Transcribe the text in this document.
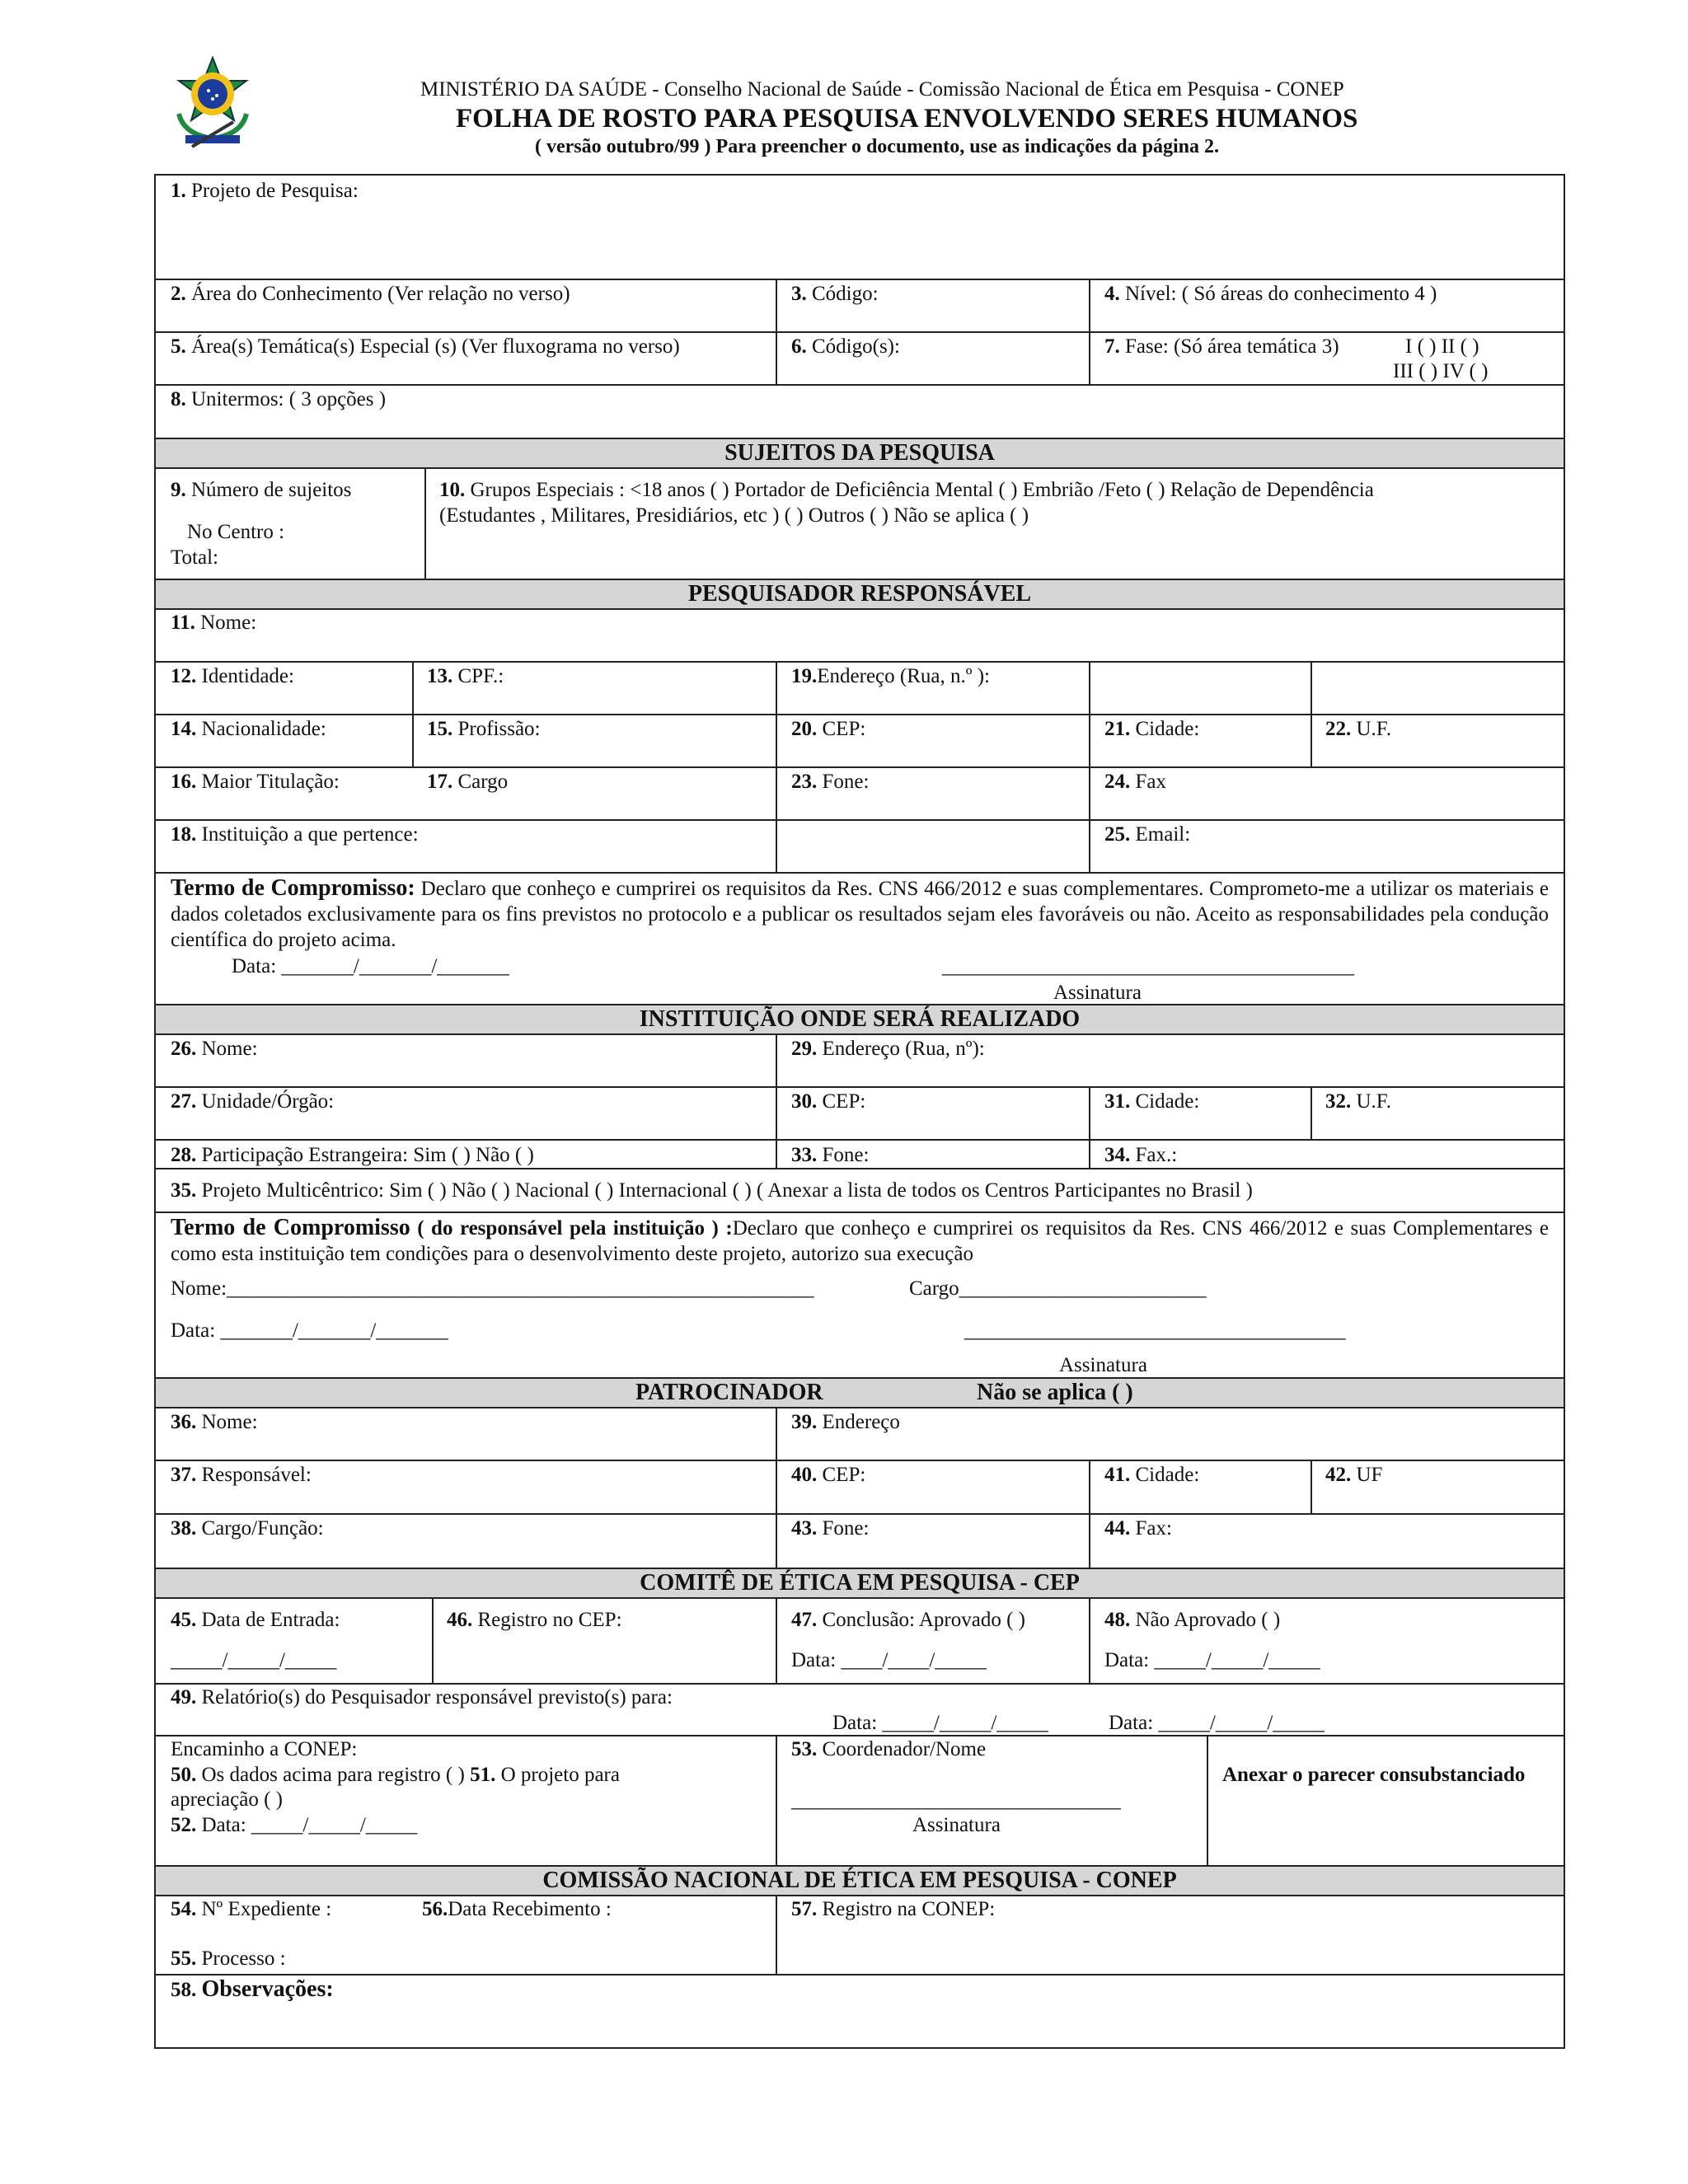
MINISTÉRIO DA SAÚDE - Conselho Nacional de Saúde - Comissão Nacional de Ética em Pesquisa - CONEP
FOLHA DE ROSTO PARA PESQUISA ENVOLVENDO SERES HUMANOS
( versão outubro/99 ) Para preencher o documento, use as indicações da página 2.
SUJEITOS DA PESQUISA
PESQUISADOR RESPONSÁVEL
INSTITUIÇÃO ONDE SERÁ REALIZADO
PATROCINADOR	Não se aplica ( )
COMITÊ DE ÉTICA EM PESQUISA - CEP
COMISSÃO NACIONAL DE ÉTICA EM PESQUISA - CONEP
1. Projeto de Pesquisa:
2. Área do Conhecimento (Ver relação no verso)	3. Código:	4. Nível: ( Só áreas do conhecimento 4 )
5. Área(s) Temática(s) Especial (s) (Ver fluxograma no verso)	6. Código(s):	7. Fase: (Só área temática 3)	I ( ) II ( )
III ( ) IV ( )
8. Unitermos: ( 3 opções )
9. Número de sujeitos
No Centro :
Total:
10. Grupos Especiais : <18 anos ( ) Portador de Deficiência Mental ( ) Embrião /Feto ( ) Relação de Dependência
(Estudantes , Militares, Presidiários, etc ) ( ) Outros ( ) Não se aplica ( )
11. Nome:
12. Identidade:	13. CPF.:	19.Endereço (Rua, n.º ):
14. Nacionalidade:	15. Profissão:	20. CEP:	21. Cidade:	22. U.F.
16. Maior Titulação:	17. Cargo	23. Fone:	24. Fax
18. Instituição a que pertence:	25. Email:
Termo de Compromisso: Declaro que conheço e cumprirei os requisitos da Res. CNS 466/2012 e suas complementares. Comprometo-me a utilizar os materiais e dados coletados exclusivamente para os fins previstos no protocolo e a publicar os resultados sejam eles favoráveis ou não. Aceito as responsabilidades pela condução científica do projeto acima.
Data: _______/_______/_______	________________________________________
Assinatura
26. Nome:	29. Endereço (Rua, nº):
27. Unidade/Órgão:	30. CEP:	31. Cidade:	32. U.F.
28. Participação Estrangeira: Sim ( ) Não ( )	33. Fone:	34. Fax.:
35. Projeto Multicêntrico: Sim ( ) Não ( ) Nacional ( ) Internacional ( ) ( Anexar a lista de todos os Centros Participantes no Brasil )
Termo de Compromisso ( do responsável pela instituição ) :Declaro que conheço e cumprirei os requisitos da Res. CNS 466/2012 e suas Complementares e como esta instituição tem condições para o desenvolvimento deste projeto, autorizo sua execução
Nome:_________________________________________________________	Cargo________________________
Data: _______/_______/_______	_____________________________________
Assinatura
36. Nome:	39. Endereço
37. Responsável:	40. CEP:	41. Cidade:	42. UF
38. Cargo/Função:	43. Fone:	44. Fax:
45. Data de Entrada:
_____/_____/_____
46. Registro no CEP:	47. Conclusão: Aprovado ( )
Data: ____/____/_____
48. Não Aprovado ( )
Data: _____/_____/_____
49. Relatório(s) do Pesquisador responsável previsto(s) para:
Data: _____/_____/_____	Data: _____/_____/_____
Encaminho a CONEP:
50. Os dados acima para registro ( ) 51. O projeto para
apreciação ( )
52. Data: _____/_____/_____
53. Coordenador/Nome
________________________________
Assinatura
Anexar o parecer consubstanciado
54. Nº Expediente :	56.Data Recebimento :	57. Registro na CONEP:
55. Processo :
58. Observações:
